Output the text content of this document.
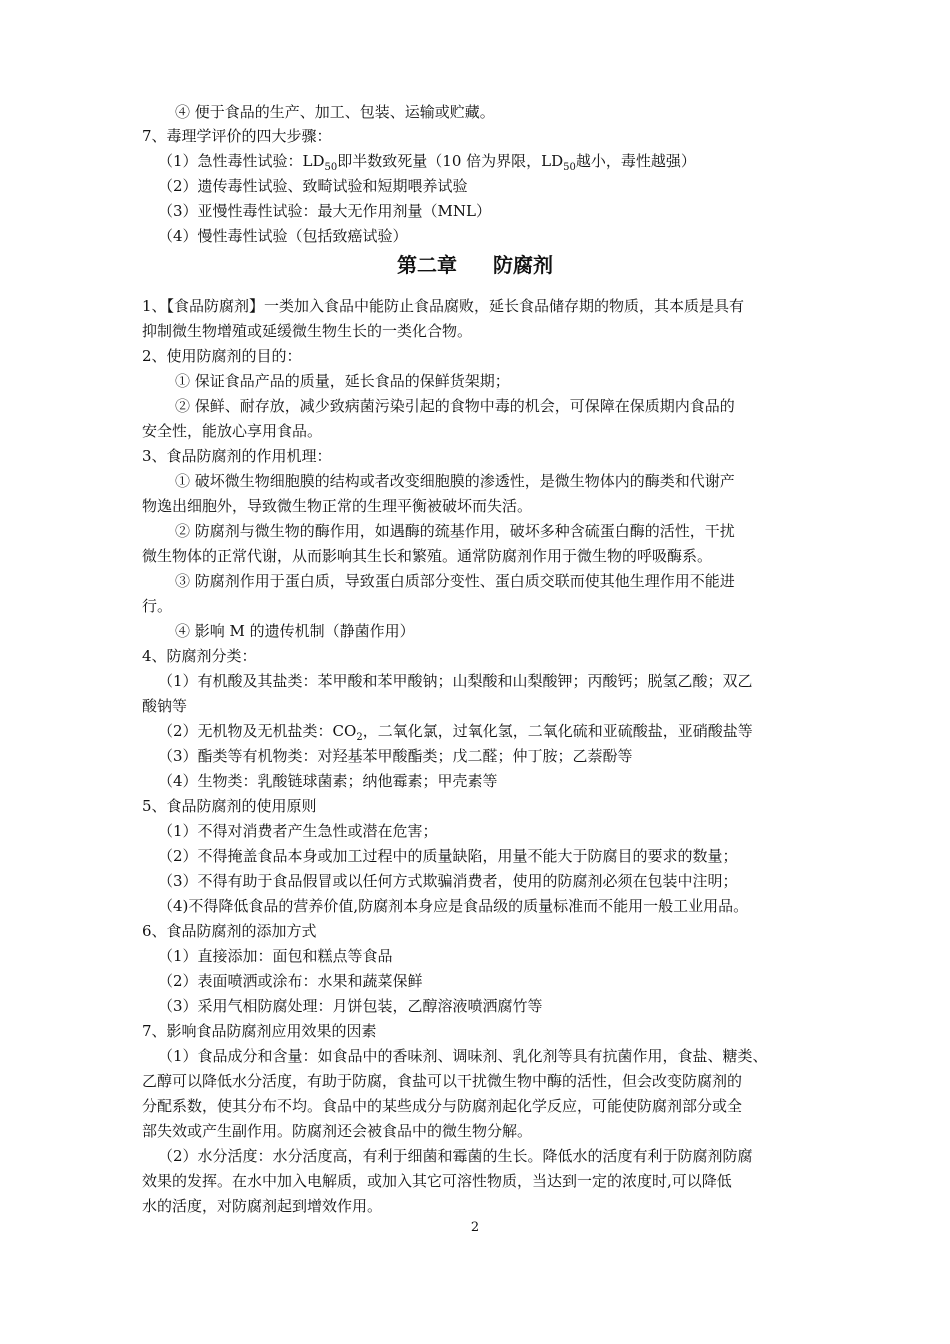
④ 便于食品的生产、加工、包装、运输或贮藏。
7、毒理学评价的四大步骤：
（1）急性毒性试验：$LD_{50}$即半数致死量（10 倍为界限，$LD_{50}$越小，毒性越强）
（2）遗传毒性试验、致畸试验和短期喂养试验
（3）亚慢性毒性试验：最大无作用剂量（MNL）
（4）慢性毒性试验（包括致癌试验）
第二章 防腐剂
1、【食品防腐剂】一类加入食品中能防止食品腐败，延长食品储存期的物质，其本质是具有
抑制微生物增殖或延缓微生物生长的一类化合物。
2、使用防腐剂的目的：
① 保证食品产品的质量，延长食品的保鲜货架期；
② 保鲜、耐存放，减少致病菌污染引起的食物中毒的机会，可保障在保质期内食品的
安全性，能放心享用食品。
3、食品防腐剂的作用机理：
① 破坏微生物细胞膜的结构或者改变细胞膜的渗透性，是微生物体内的酶类和代谢产
物逸出细胞外，导致微生物正常的生理平衡被破坏而失活。
② 防腐剂与微生物的酶作用，如遇酶的巯基作用，破坏多种含硫蛋白酶的活性，干扰
微生物体的正常代谢，从而影响其生长和繁殖。通常防腐剂作用于微生物的呼吸酶系。
③ 防腐剂作用于蛋白质，导致蛋白质部分变性、蛋白质交联而使其他生理作用不能进
行。
④ 影响 M 的遗传机制（静菌作用）
4、防腐剂分类：
（1）有机酸及其盐类：苯甲酸和苯甲酸钠；山梨酸和山梨酸钾；丙酸钙；脱氢乙酸；双乙
酸钠等
（2）无机物及无机盐类：$CO_2$，二氧化氯，过氧化氢，二氧化硫和亚硫酸盐，亚硝酸盐等
（3）酯类等有机物类：对羟基苯甲酸酯类；戊二醛；仲丁胺；乙萘酚等
（4）生物类：乳酸链球菌素；纳他霉素；甲壳素等
5、食品防腐剂的使用原则
（1）不得对消费者产生急性或潜在危害；
（2）不得掩盖食品本身或加工过程中的质量缺陷，用量不能大于防腐目的要求的数量；
（3）不得有助于食品假冒或以任何方式欺骗消费者，使用的防腐剂必须在包装中注明；
（4)不得降低食品的营养价值,防腐剂本身应是食品级的质量标准而不能用一般工业用品。
6、食品防腐剂的添加方式
（1）直接添加：面包和糕点等食品
（2）表面喷洒或涂布：水果和蔬菜保鲜
（3）采用气相防腐处理：月饼包装，乙醇溶液喷洒腐竹等
7、影响食品防腐剂应用效果的因素
（1）食品成分和含量：如食品中的香味剂、调味剂、乳化剂等具有抗菌作用，食盐、糖类、
乙醇可以降低水分活度，有助于防腐，食盐可以干扰微生物中酶的活性，但会改变防腐剂的
分配系数，使其分布不均。食品中的某些成分与防腐剂起化学反应，可能使防腐剂部分或全
部失效或产生副作用。防腐剂还会被食品中的微生物分解。
（2）水分活度：水分活度高，有利于细菌和霉菌的生长。降低水的活度有利于防腐剂防腐
效果的发挥。在水中加入电解质，或加入其它可溶性物质，当达到一定的浓度时,可以降低
水的活度，对防腐剂起到增效作用。
2
